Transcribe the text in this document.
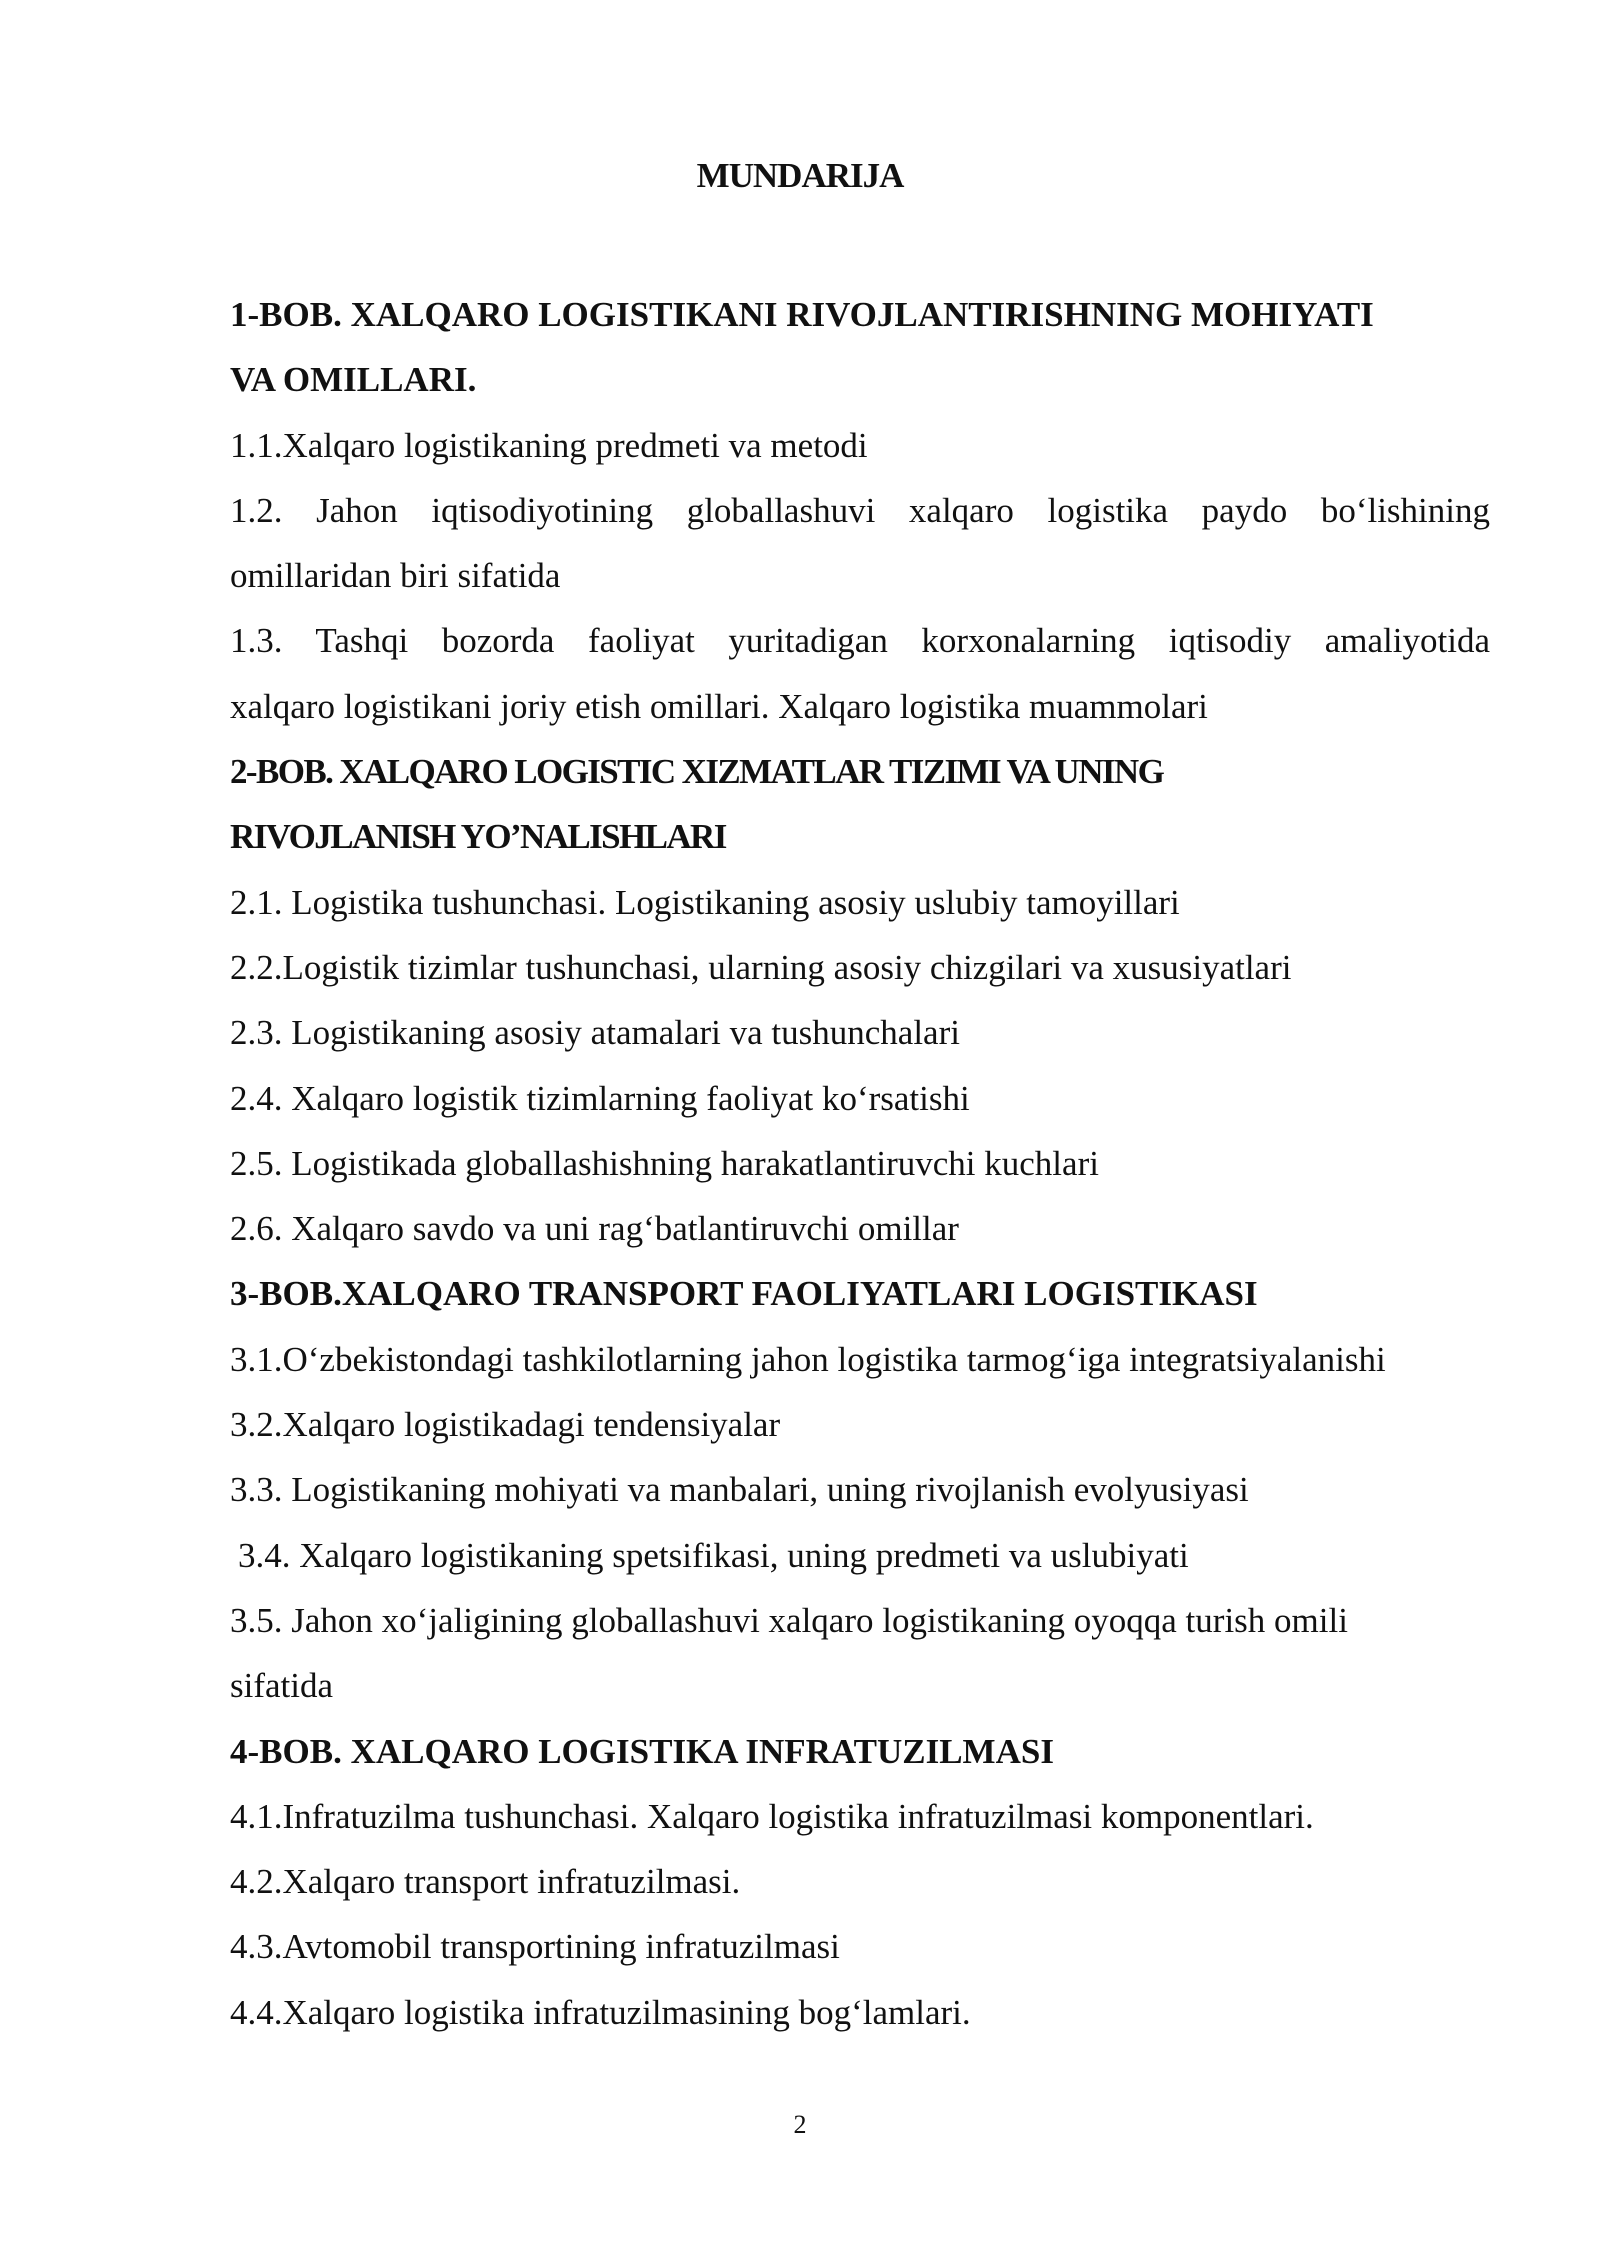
MUNDARIJA
1-BOB. XALQARO LOGISTIKANI RIVOJLANTIRISHNING MOHIYATI
VA OMILLARI.
1.1.Xalqaro logistikaning predmeti va metodi
1.2. Jahon iqtisodiyotining globallashuvi xalqaro logistika paydo bo‘lishining
omillaridan biri sifatida
1.3. Tashqi bozorda faoliyat yuritadigan korxonalarning iqtisodiy amaliyotida
xalqaro logistikani joriy etish omillari. Xalqaro logistika muammolari
2-BOB. XALQARO LOGISTIC XIZMATLAR TIZIMI VA UNING
RIVOJLANISH YO’NALISHLARI
2.1. Logistika tushunchasi. Logistikaning asosiy uslubiy tamoyillari
2.2.Logistik tizimlar tushunchasi, ularning asosiy chizgilari va xususiyatlari
2.3. Logistikaning asosiy atamalari va tushunchalari
2.4. Xalqaro logistik tizimlarning faoliyat ko‘rsatishi
2.5. Logistikada globallashishning harakatlantiruvchi kuchlari
2.6. Xalqaro savdo va uni rag‘batlantiruvchi omillar
3-BOB.XALQARO TRANSPORT FAOLIYATLARI LOGISTIKASI
3.1.O‘zbekistondagi tashkilotlarning jahon logistika tarmog‘iga integratsiyalanishi
3.2.Xalqaro logistikadagi tendensiyalar
3.3. Logistikaning mohiyati va manbalari, uning rivojlanish evolyusiyasi
3.4. Xalqaro logistikaning spetsifikasi, uning predmeti va uslubiyati
3.5. Jahon xo‘jaligining globallashuvi xalqaro logistikaning oyoqqa turish omili
sifatida
4-BOB. XALQARO LOGISTIKA INFRATUZILMASI
4.1.Infratuzilma tushunchasi. Xalqaro logistika infratuzilmasi komponentlari.
4.2.Xalqaro transport infratuzilmasi.
4.3.Avtomobil transportining infratuzilmasi
4.4.Xalqaro logistika infratuzilmasining bog‘lamlari.
2
